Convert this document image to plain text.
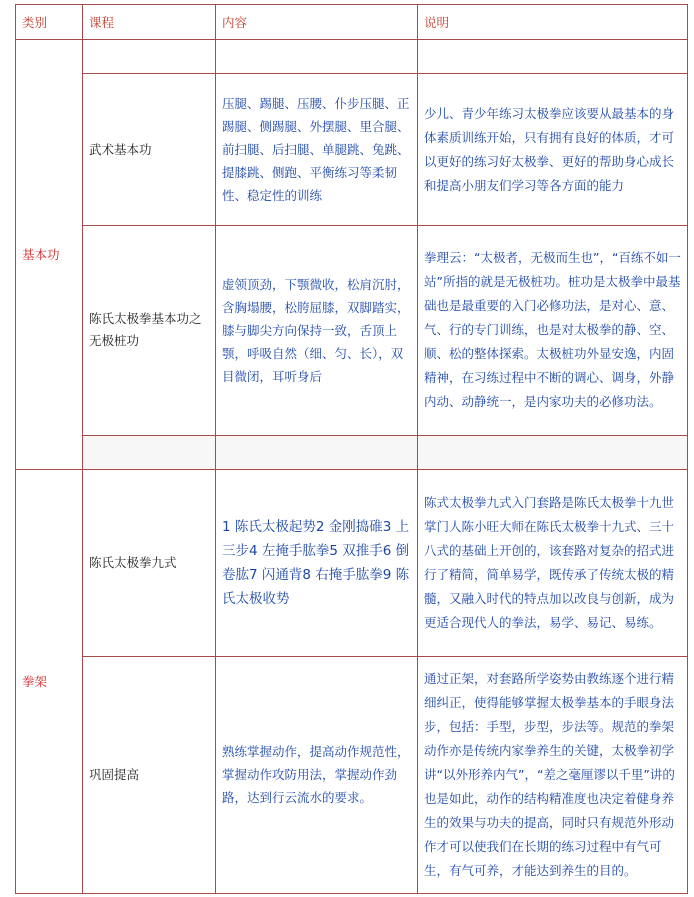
类别	课程	内容	说明
基本功			
	武术基本功	压腿、踢腿、压腰、仆步压腿、正踢腿、侧踢腿、外摆腿、里合腿、前扫腿、后扫腿、单腿跳、兔跳、提膝跳、侧跑、平衡练习等柔韧性、稳定性的训练	少儿、青少年练习太极拳应该要从最基本的身体素质训练开始，只有拥有良好的体质，才可以更好的练习好太极拳、更好的帮助身心成长和提高小朋友们学习等各方面的能力
	陈氏太极拳基本功之无极桩功	虚领顶劲，下颚微收，松肩沉肘，含胸塌腰，松胯屈膝，双脚踏实，膝与脚尖方向保持一致，舌顶上颚，呼吸自然（细、匀、长），双目微闭，耳听身后	拳理云：“太极者，无极而生也”，“百练不如一站”所指的就是无极桩功。桩功是太极拳中最基础也是最重要的入门必修功法，是对心、意、气、行的专门训练，也是对太极拳的静、空、顺、松的整体探索。太极桩功外显安逸，内固精神，在习练过程中不断的调心、调身，外静内动、动静统一，是内家功夫的必修功法。

拳架	陈氏太极拳九式	1 陈氏太极起势2 金刚捣碓3 上三步4 左掩手肱拳5 双推手6 倒卷肱7 闪通背8 右掩手肱拳9 陈氏太极收势	陈式太极拳九式入门套路是陈氏太极拳十九世掌门人陈小旺大师在陈氏太极拳十九式、三十八式的基础上开创的，该套路对复杂的招式进行了精简，简单易学，既传承了传统太极的精髓，又融入时代的特点加以改良与创新，成为更适合现代人的拳法，易学、易记、易练。
	巩固提高	熟练掌握动作，提高动作规范性，掌握动作攻防用法，掌握动作劲路，达到行云流水的要求。	通过正架，对套路所学姿势由教练逐个进行精细纠正，使得能够掌握太极拳基本的手眼身法步，包括：手型，步型，步法等。规范的拳架动作亦是传统内家拳养生的关键，太极拳初学讲“以外形养内气”，“差之毫厘谬以千里”讲的也是如此，动作的结构精准度也决定着健身养生的效果与功夫的提高，同时只有规范外形动作才可以使我们在长期的练习过程中有气可生，有气可养，才能达到养生的目的。
